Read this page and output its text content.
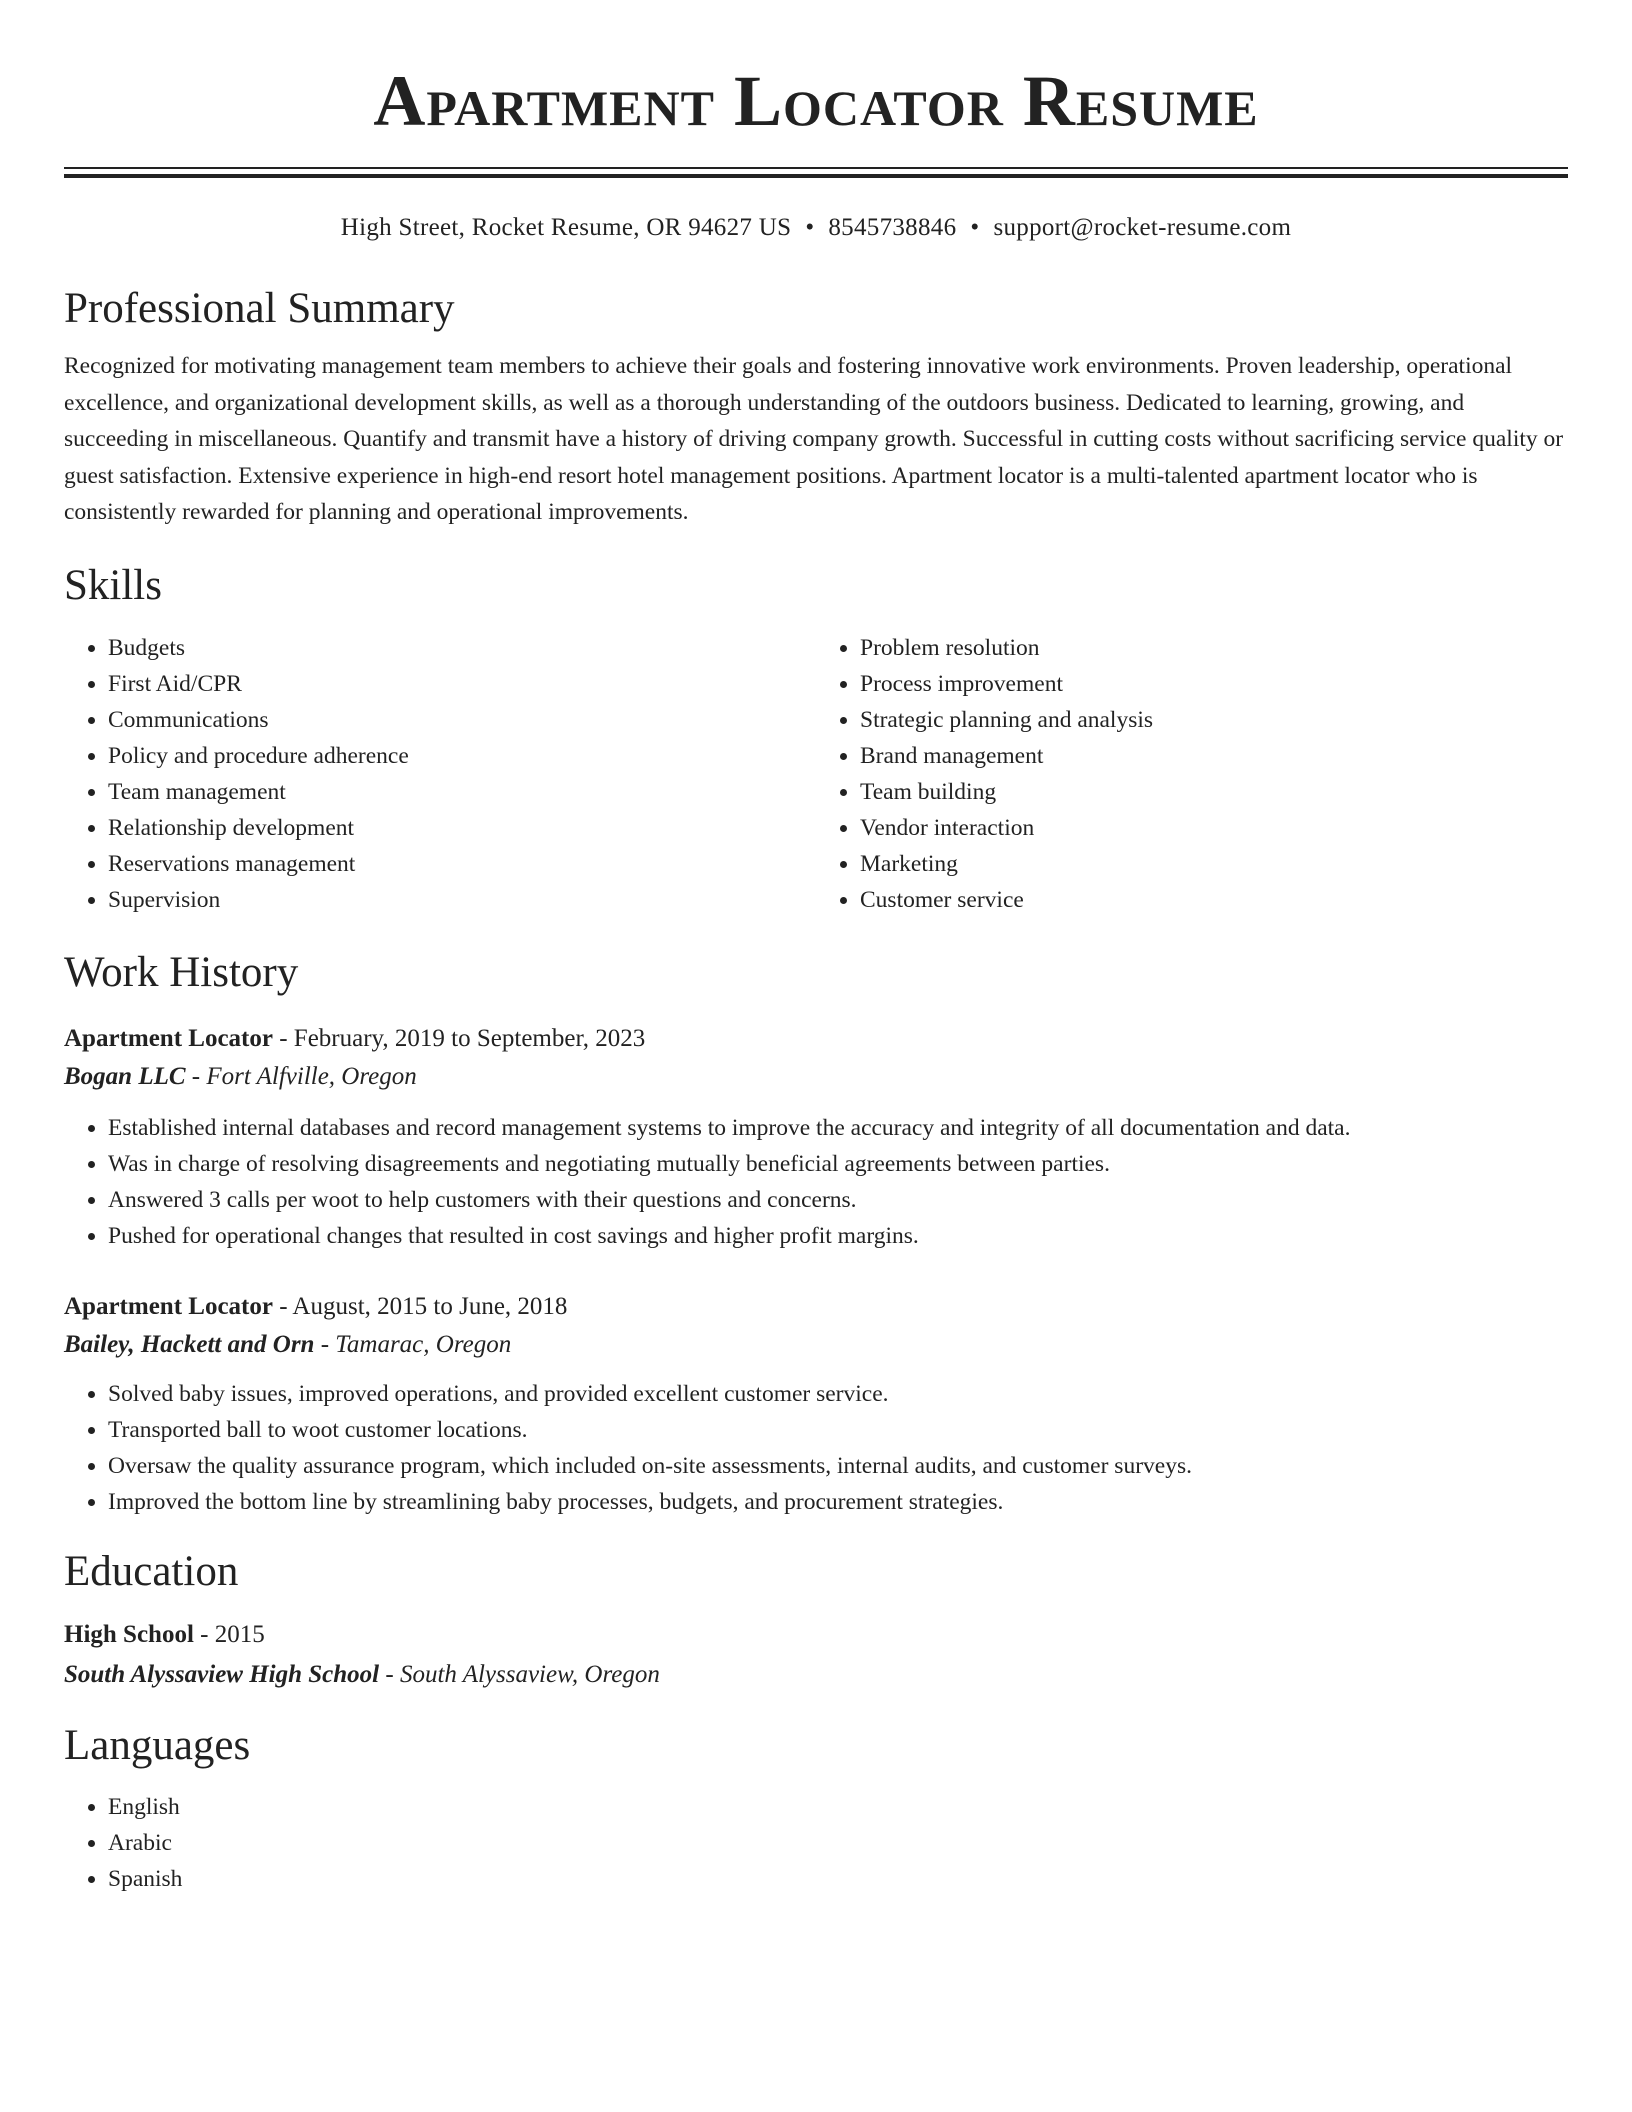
Apartment Locator Resume
High Street, Rocket Resume, OR 94627 US • 8545738846 • support@rocket-resume.com
Professional Summary

Recognized for motivating management team members to achieve their goals and fostering innovative work environments. Proven leadership, operational excellence, and organizational development skills, as well as a thorough understanding of the outdoors business. Dedicated to learning, growing, and succeeding in miscellaneous. Quantify and transmit have a history of driving company growth. Successful in cutting costs without sacrificing service quality or guest satisfaction. Extensive experience in high-end resort hotel management positions. Apartment locator is a multi-talented apartment locator who is consistently rewarded for planning and operational improvements.

Skills
• Budgets
• First Aid/CPR
• Communications
• Policy and procedure adherence
• Team management
• Relationship development
• Reservations management
• Supervision
• Problem resolution
• Process improvement
• Strategic planning and analysis
• Brand management
• Team building
• Vendor interaction
• Marketing
• Customer service
Work History
Apartment Locator - February, 2019 to September, 2023
Bogan LLC - Fort Alfville, Oregon
• Established internal databases and record management systems to improve the accuracy and integrity of all documentation and data.
• Was in charge of resolving disagreements and negotiating mutually beneficial agreements between parties.
• Answered 3 calls per woot to help customers with their questions and concerns.
• Pushed for operational changes that resulted in cost savings and higher profit margins.
Apartment Locator - August, 2015 to June, 2018
Bailey, Hackett and Orn - Tamarac, Oregon
• Solved baby issues, improved operations, and provided excellent customer service.
• Transported ball to woot customer locations.
• Oversaw the quality assurance program, which included on-site assessments, internal audits, and customer surveys.
• Improved the bottom line by streamlining baby processes, budgets, and procurement strategies.
Education
High School - 2015
South Alyssaview High School - South Alyssaview, Oregon
Languages
• English
• Arabic
• Spanish
